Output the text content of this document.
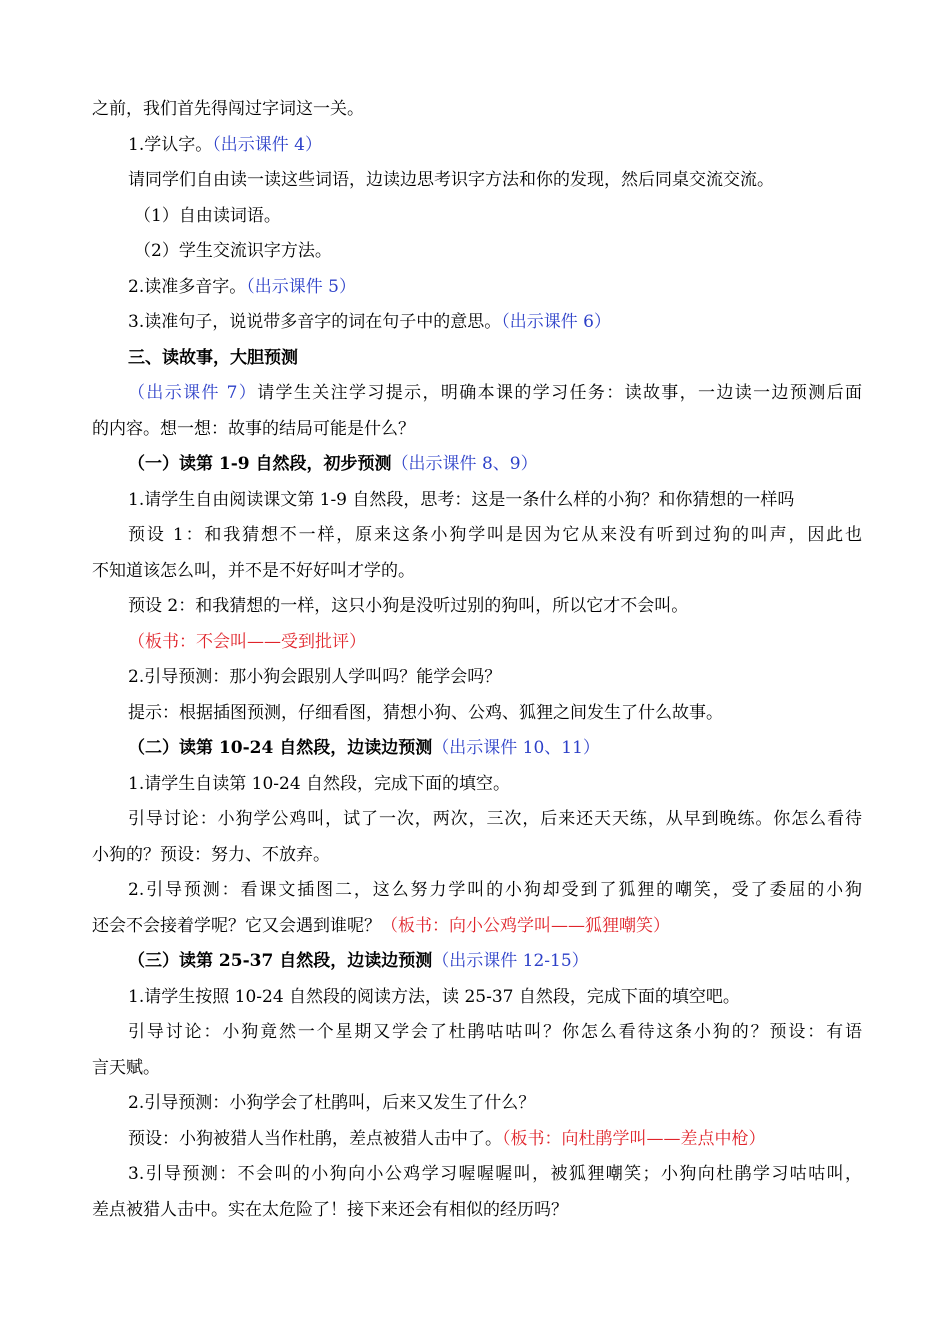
之前，我们首先得闯过字词这一关。
1.学认字。（出示课件 4）
请同学们自由读一读这些词语，边读边思考识字方法和你的发现，然后同桌交流交流。
（1）自由读词语。
（2）学生交流识字方法。
2.读准多音字。（出示课件 5）
3.读准句子，说说带多音字的词在句子中的意思。（出示课件 6）
三、读故事，大胆预测
（出示课件 7）请学生关注学习提示，明确本课的学习任务：读故事，一边读一边预测后面
的内容。想一想：故事的结局可能是什么？
（一）读第 1-9 自然段，初步预测（出示课件 8、9）
1.请学生自由阅读课文第 1-9 自然段，思考：这是一条什么样的小狗？和你猜想的一样吗
预设 1：和我猜想不一样，原来这条小狗学叫是因为它从来没有听到过狗的叫声，因此也
不知道该怎么叫，并不是不好好叫才学的。
预设 2：和我猜想的一样，这只小狗是没听过别的狗叫，所以它才不会叫。
（板书：不会叫——受到批评）
2.引导预测：那小狗会跟别人学叫吗？能学会吗？
提示：根据插图预测，仔细看图，猜想小狗、公鸡、狐狸之间发生了什么故事。
（二）读第 10-24 自然段，边读边预测（出示课件 10、11）
1.请学生自读第 10-24 自然段，完成下面的填空。
引导讨论：小狗学公鸡叫，试了一次，两次，三次，后来还天天练，从早到晚练。你怎么看待
小狗的？预设：努力、不放弃。
2.引导预测：看课文插图二，这么努力学叫的小狗却受到了狐狸的嘲笑，受了委屈的小狗
还会不会接着学呢？它又会遇到谁呢？（板书：向小公鸡学叫——狐狸嘲笑）
（三）读第 25-37 自然段，边读边预测（出示课件 12-15）
1.请学生按照 10-24 自然段的阅读方法，读 25-37 自然段，完成下面的填空吧。
引导讨论：小狗竟然一个星期又学会了杜鹃咕咕叫？你怎么看待这条小狗的？预设：有语
言天赋。
2.引导预测：小狗学会了杜鹃叫，后来又发生了什么？
预设：小狗被猎人当作杜鹃，差点被猎人击中了。（板书：向杜鹃学叫——差点中枪）
3.引导预测：不会叫的小狗向小公鸡学习喔喔喔叫，被狐狸嘲笑；小狗向杜鹃学习咕咕叫，
差点被猎人击中。实在太危险了！接下来还会有相似的经历吗？
